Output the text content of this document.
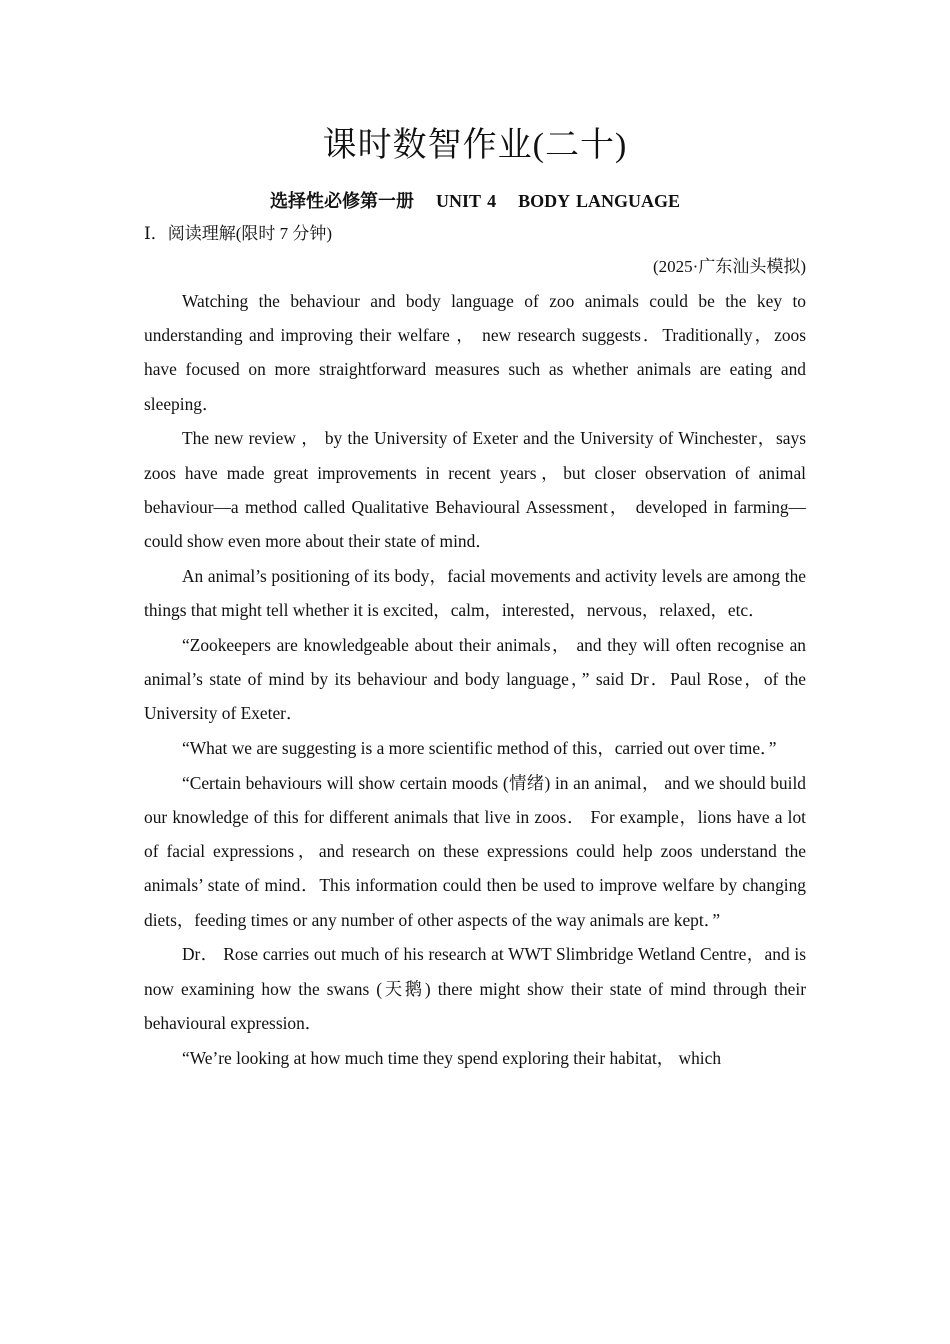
课时数智作业(二十)

选择性必修第一册 UNIT 4 BODY LANGUAGE

Ⅰ．阅读理解(限时 7 分钟)

(2025·广东汕头模拟)

Watching the behaviour and body language of zoo animals could be the key to understanding and improving their welfare ， new research suggests．Traditionally，zoos have focused on more straightforward measures such as whether animals are eating and sleeping．

The new review ， by the University of Exeter and the University of Winchester，says zoos have made great improvements in recent years，but closer observation of animal behaviour—a method called Qualitative Behavioural Assessment， developed in farming—could show even more about their state of mind．

An animal’s positioning of its body，facial movements and activity levels are among the things that might tell whether it is excited，calm，interested，nervous，relaxed，etc．

“Zookeepers are knowledgeable about their animals， and they will often recognise an animal’s state of mind by its behaviour and body language，” said Dr．Paul Rose，of the University of Exeter．

“What we are suggesting is a more scientific method of this，carried out over time．”

“Certain behaviours will show certain moods (情绪) in an animal， and we should build our knowledge of this for different animals that live in zoos． For example，lions have a lot of facial expressions，and research on these expressions could help zoos understand the animals’ state of mind．This information could then be used to improve welfare by changing diets，feeding times or any number of other aspects of the way animals are kept．”

Dr． Rose carries out much of his research at WWT Slimbridge Wetland Centre，and is now examining how the swans (天鹅) there might show their state of mind through their behavioural expression．

“We’re looking at how much time they spend exploring their habitat， which
